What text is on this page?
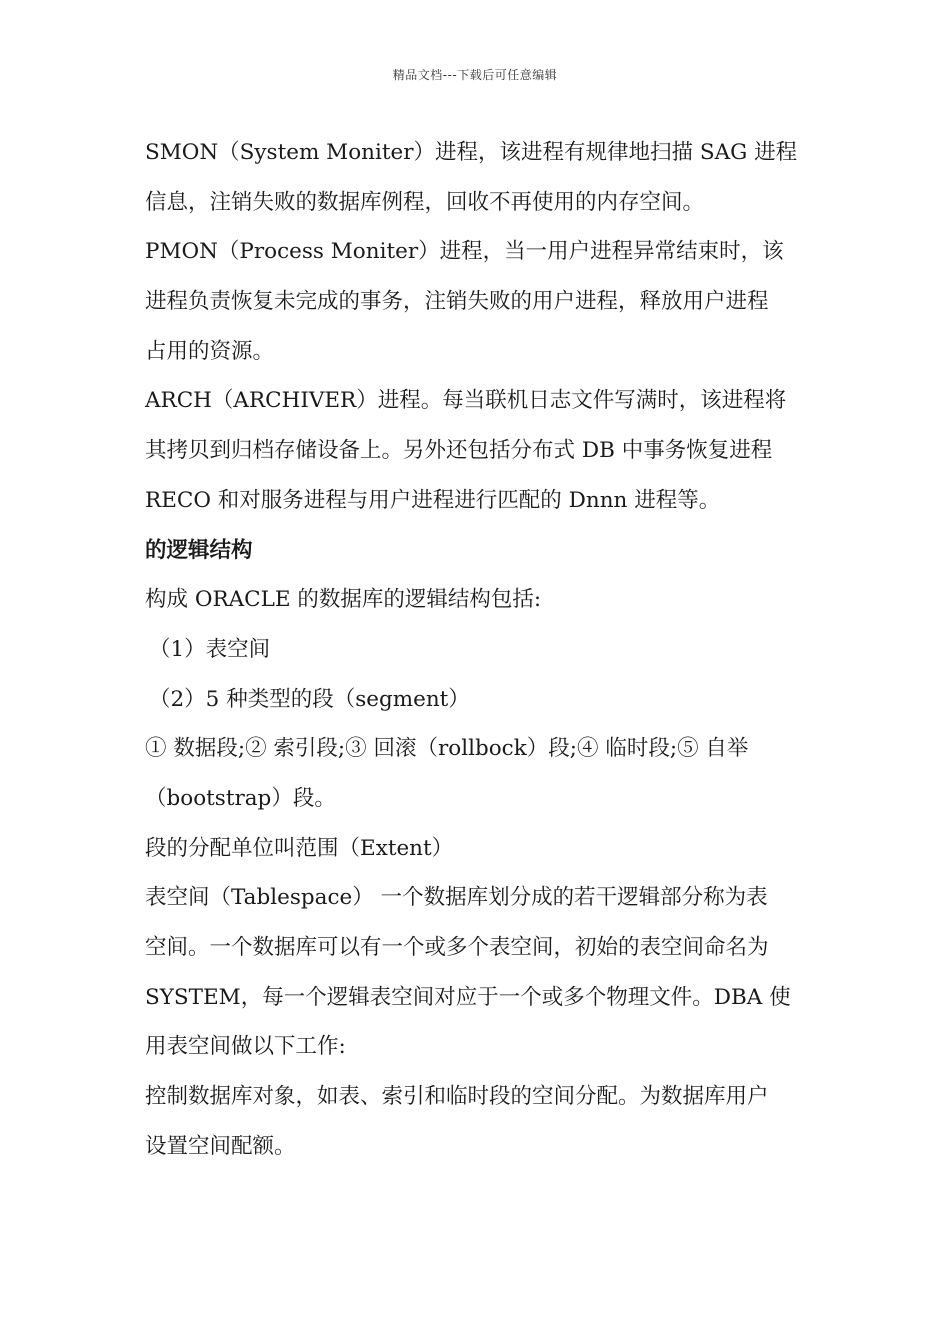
精品文档---下载后可任意编辑
SMON（System Moniter）进程，该进程有规律地扫描 SAG 进程
信息，注销失败的数据库例程，回收不再使用的内存空间。
PMON（Process Moniter）进程，当一用户进程异常结束时，该
进程负责恢复未完成的事务，注销失败的用户进程，释放用户进程
占用的资源。
ARCH（ARCHIVER）进程。每当联机日志文件写满时，该进程将
其拷贝到归档存储设备上。另外还包括分布式 DB 中事务恢复进程
RECO 和对服务进程与用户进程进行匹配的 Dnnn 进程等。
的逻辑结构
构成 ORACLE 的数据库的逻辑结构包括:
（1）表空间
（2）5 种类型的段（segment）
① 数据段;② 索引段;③ 回滚（rollbock）段;④ 临时段;⑤ 自举
（bootstrap）段。
段的分配单位叫范围（Extent）
表空间（Tablespace） 一个数据库划分成的若干逻辑部分称为表
空间。一个数据库可以有一个或多个表空间，初始的表空间命名为
SYSTEM，每一个逻辑表空间对应于一个或多个物理文件。DBA 使
用表空间做以下工作:
控制数据库对象，如表、索引和临时段的空间分配。为数据库用户
设置空间配额。
